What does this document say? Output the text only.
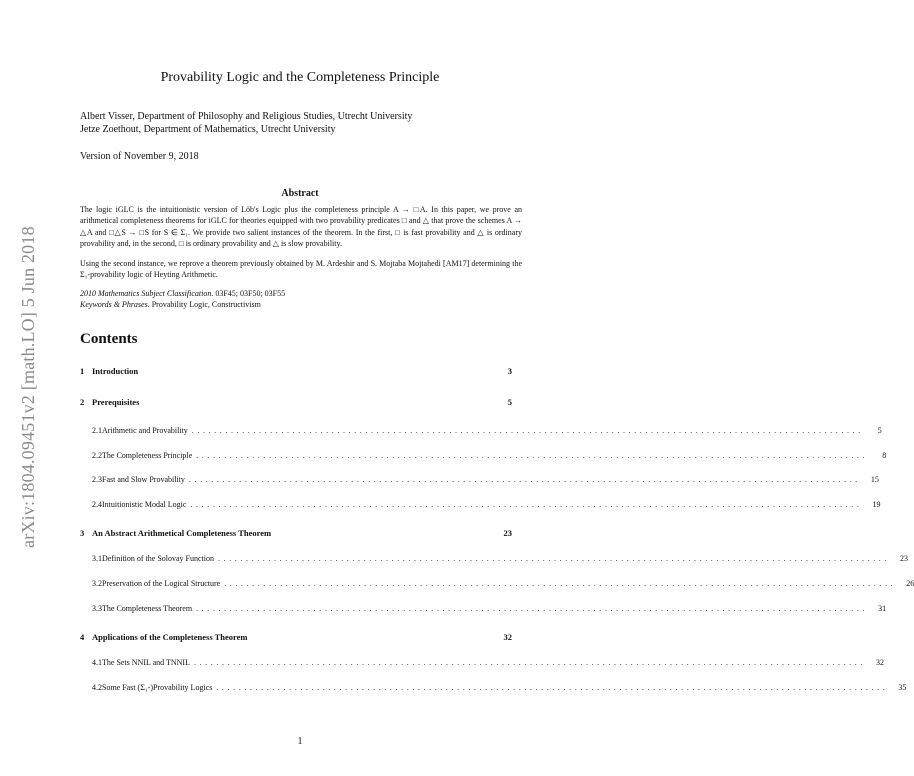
arXiv:1804.09451v2 [math.LO] 5 Jun 2018
Provability Logic and the Completeness Principle
Albert Visser, Department of Philosophy and Religious Studies, Utrecht University
Jetze Zoethout, Department of Mathematics, Utrecht University
Version of November 9, 2018
Abstract

The logic iGLC is the intuitionistic version of Löb's Logic plus the completeness principle A → □A. In this paper, we prove an arithmetical completeness theorems for iGLC for theories equipped with two provability predicates □ and △ that prove the schemes A → △A and □△S → □S for S ∈ Σ₁. We provide two salient instances of the theorem. In the first, □ is fast provability and △ is ordinary provability and, in the second, □ is ordinary provability and △ is slow provability.

Using the second instance, we reprove a theorem previously obtained by M. Ardeshir and S. Mojtaba Mojtahedi [AM17] determining the Σ₁-provability logic of Heyting Arithmetic.

2010 Mathematics Subject Classification. 03F45; 03F50; 03F55
Keywords & Phrases. Provability Logic, Constructivism
Contents
1 Introduction	3
2 Prerequisites	5
2.1 Arithmetic and Provability ........................................................................................................................	5
2.2 The Completeness Principle ........................................................................................................................	8
2.3 Fast and Slow Provability ........................................................................................................................	15
2.4 Intuitionistic Modal Logic ........................................................................................................................	19
3 An Abstract Arithmetical Completeness Theorem	23
3.1 Definition of the Solovay Function ........................................................................................................................	23
3.2 Preservation of the Logical Structure ........................................................................................................................	26
3.3 The Completeness Theorem ........................................................................................................................	31
4 Applications of the Completeness Theorem	32
4.1 The Sets NNIL and TNNIL ........................................................................................................................	32
4.2 Some Fast (Σ₁-)Provability Logics ........................................................................................................................	35
1
